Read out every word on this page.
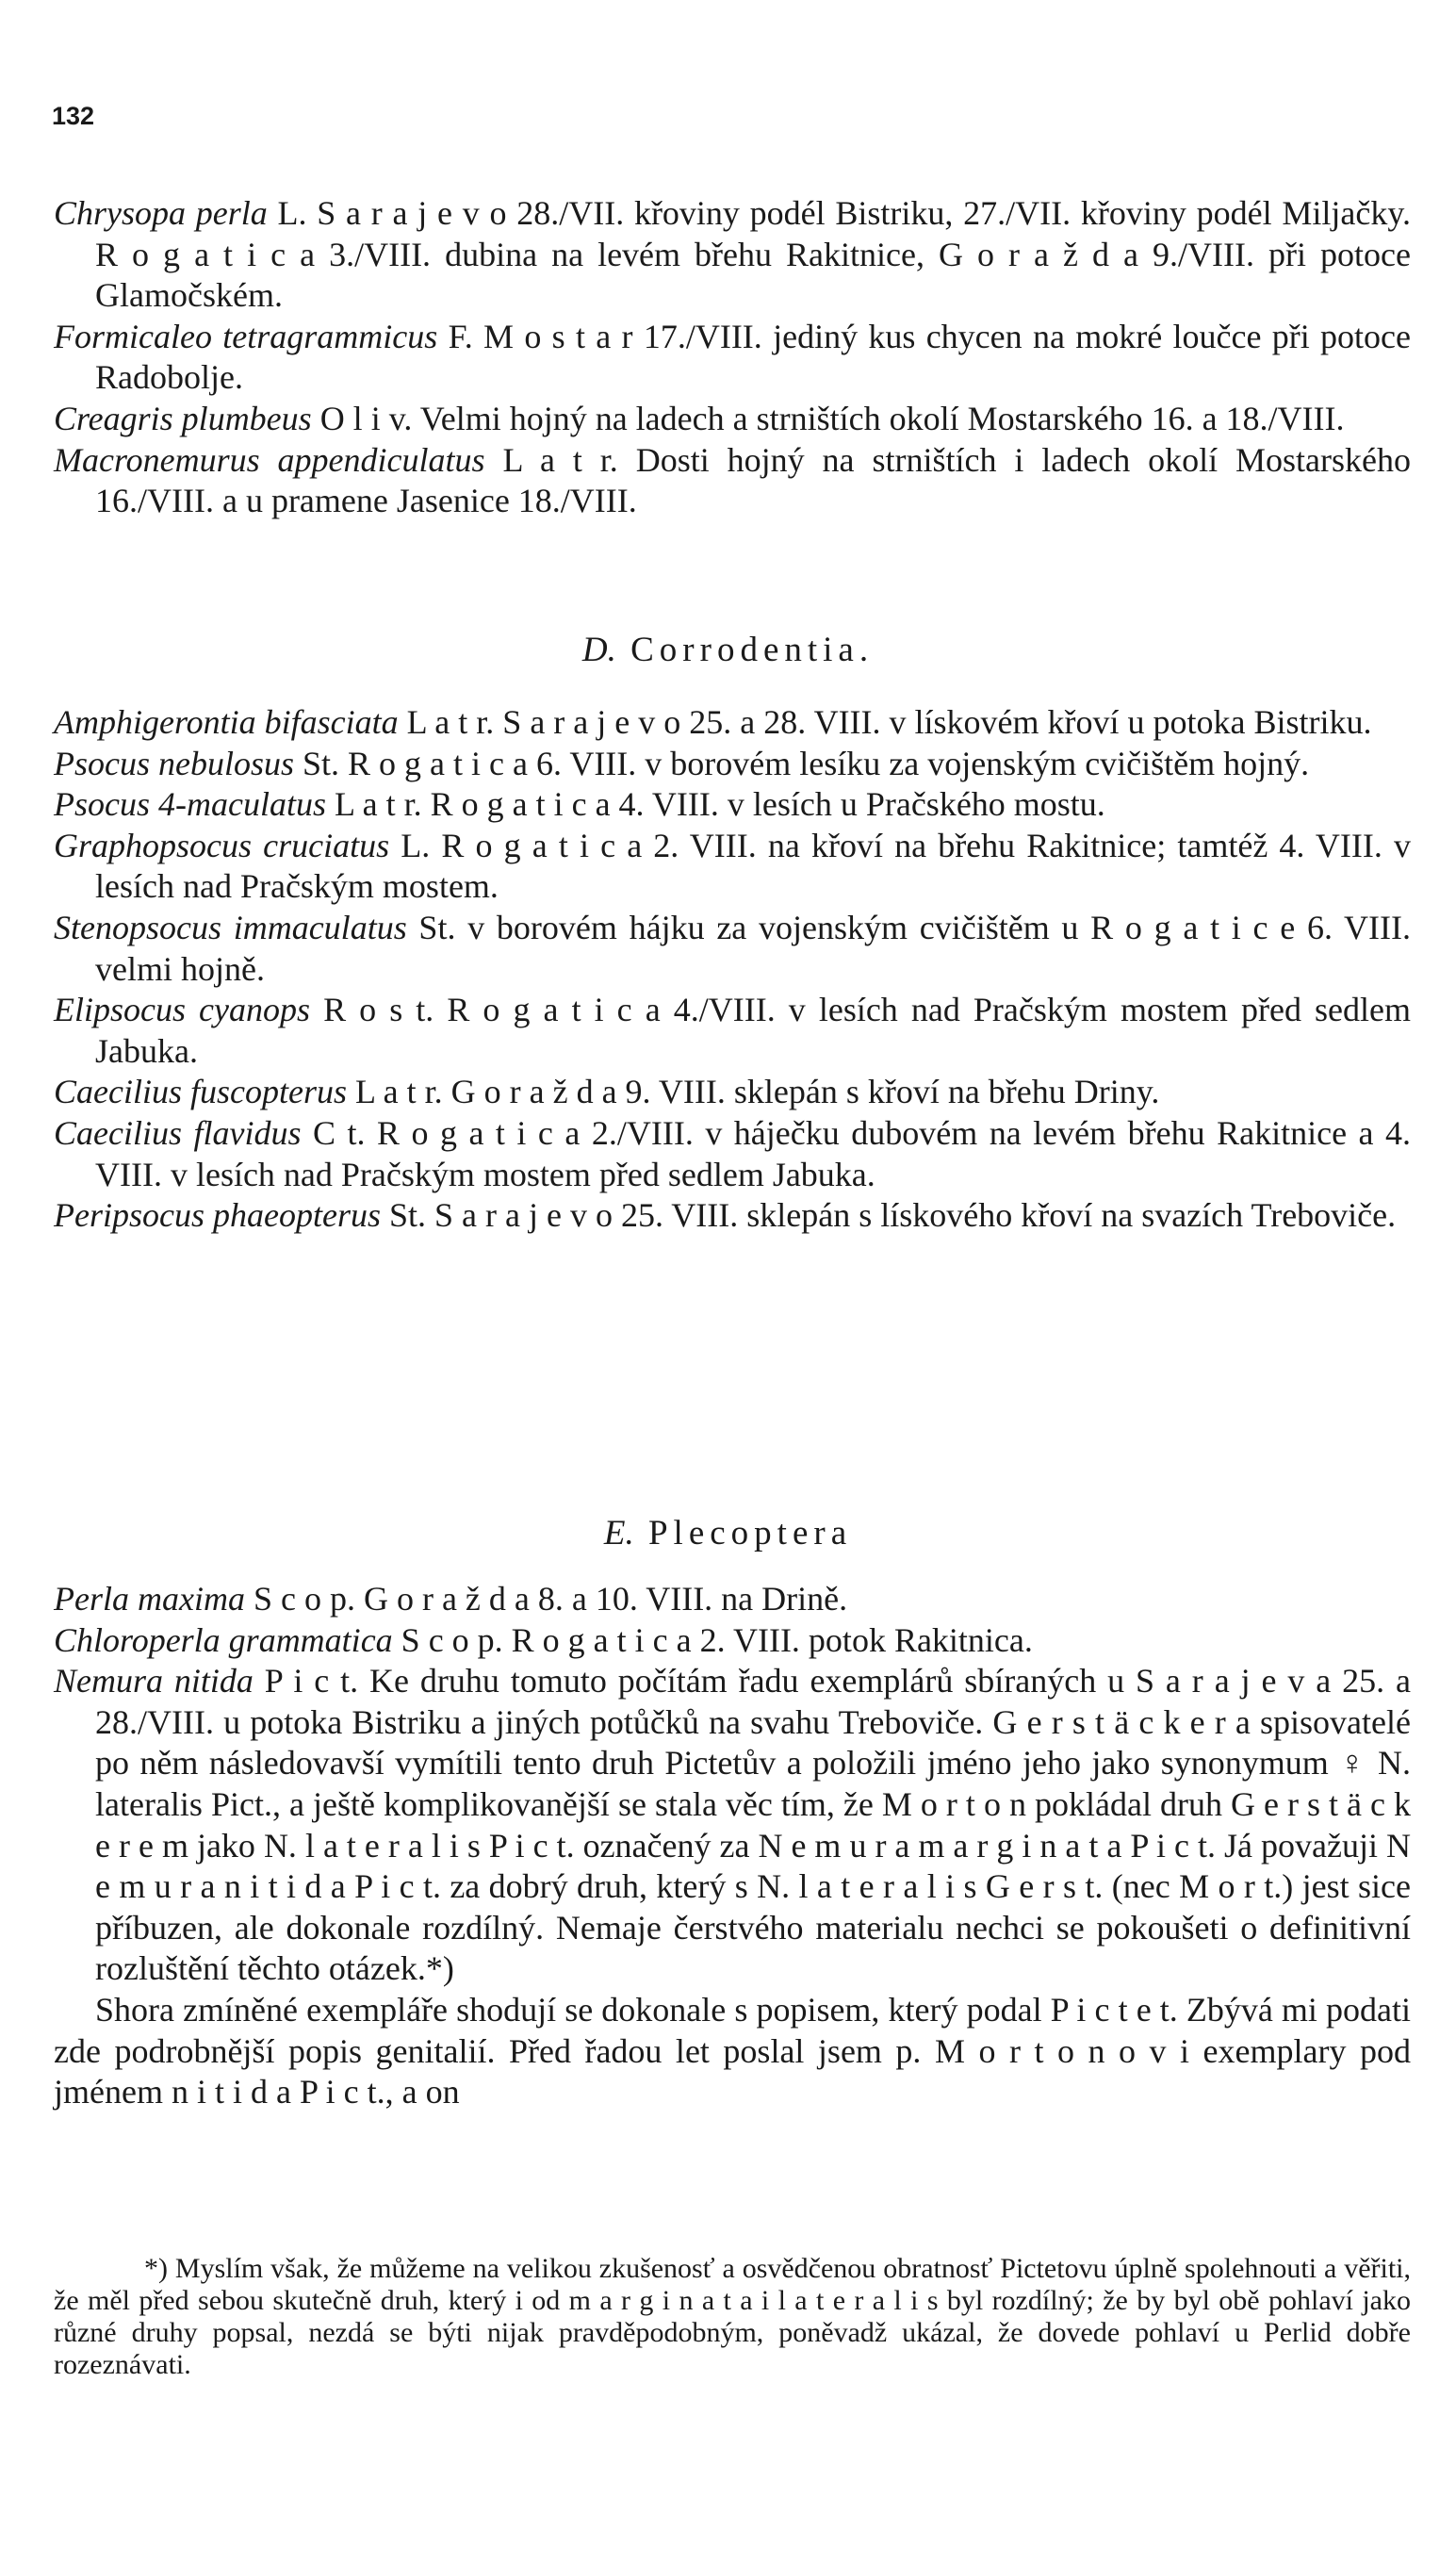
132

Chrysopa perla L. S a r a j e v o 28./VII. křoviny podél Bistriku, 27./VII. křoviny podél Miljačky. R o g a t i c a 3./VIII. dubina na levém břehu Rakitnice, G o r a ž d a 9./VIII. při potoce Glamočském.

Formicaleo tetragrammicus F. M o s t a r 17./VIII. jediný kus chycen na mokré loučce při potoce Radobolje.

Creagris plumbeus O l i v. Velmi hojný na ladech a strništích okolí Mostarského 16. a 18./VIII.

Macronemurus appendiculatus L a t r. Dosti hojný na strništích i ladech okolí Mostarského 16./VIII. a u pramene Jasenice 18./VIII.

D. Corrodentia.

Amphigerontia bifasciata L a t r. S a r a j e v o 25. a 28. VIII. v lískovém křoví u potoka Bistriku.

Psocus nebulosus St. R o g a t i c a 6. VIII. v borovém lesíku za vojenským cvičištěm hojný.

Psocus 4-maculatus L a t r. R o g a t i c a 4. VIII. v lesích u Pračského mostu.

Graphopsocus cruciatus L. R o g a t i c a 2. VIII. na křoví na břehu Rakitnice; tamtéž 4. VIII. v lesích nad Pračským mostem.

Stenopsocus immaculatus St. v borovém hájku za vojenským cvičištěm u R o g a t i c e 6. VIII. velmi hojně.

Elipsocus cyanops R o s t. R o g a t i c a 4./VIII. v lesích nad Pračským mostem před sedlem Jabuka.

Caecilius fuscopterus L a t r. G o r a ž d a 9. VIII. sklepán s křoví na břehu Driny.

Caecilius flavidus C t. R o g a t i c a 2./VIII. v háječku dubovém na levém břehu Rakitnice a 4. VIII. v lesích nad Pračským mostem před sedlem Jabuka.

Peripsocus phaeopterus St. S a r a j e v o 25. VIII. sklepán s lískového křoví na svazích Treboviče.

E. Plecoptera

Perla maxima S c o p. G o r a ž d a 8. a 10. VIII. na Drině.

Chloroperla grammatica S c o p. R o g a t i c a 2. VIII. potok Rakitnica.

Nemura nitida P i c t. Ke druhu tomuto počítám řadu exemplárů sbíraných u S a r a j e v a 25. a 28./VIII. u potoka Bistriku a jiných potůčků na svahu Treboviče. G e r s t ä c k e r a spisovatelé po něm následovavší vymítili tento druh Pictetův a položili jméno jeho jako synonymum ♀ N. lateralis Pict., a ještě komplikovanější se stala věc tím, že M o r t o n pokládal druh G e r s t ä c k e r e m jako N. l a t e r a l i s P i c t. označený za N e m u r a m a r g i n a t a P i c t. Já považuji N e m u r a n i t i d a P i c t. za dobrý druh, který s N. l a t e r a l i s G e r s t. (nec M o r t.) jest sice příbuzen, ale dokonale rozdílný. Nemaje čerstvého materialu nechci se pokoušeti o definitivní rozluštění těchto otázek.*)

Shora zmíněné exempláře shodují se dokonale s popisem, který podal P i c t e t. Zbývá mi podati zde podrobnější popis genitalií. Před řadou let poslal jsem p. M o r t o n o v i exemplary pod jménem n i t i d a P i c t., a on

*) Myslím však, že můžeme na velikou zkušenosť a osvědčenou obratnosť Pictetovu úplně spolehnouti a věřiti, že měl před sebou skutečně druh, který i od m a r g i n a t a i l a t e r a l i s byl rozdílný; že by byl obě pohlaví jako různé druhy popsal, nezdá se býti nijak pravděpodobným, poněvadž ukázal, že dovede pohlaví u Perlid dobře rozeznávati.
